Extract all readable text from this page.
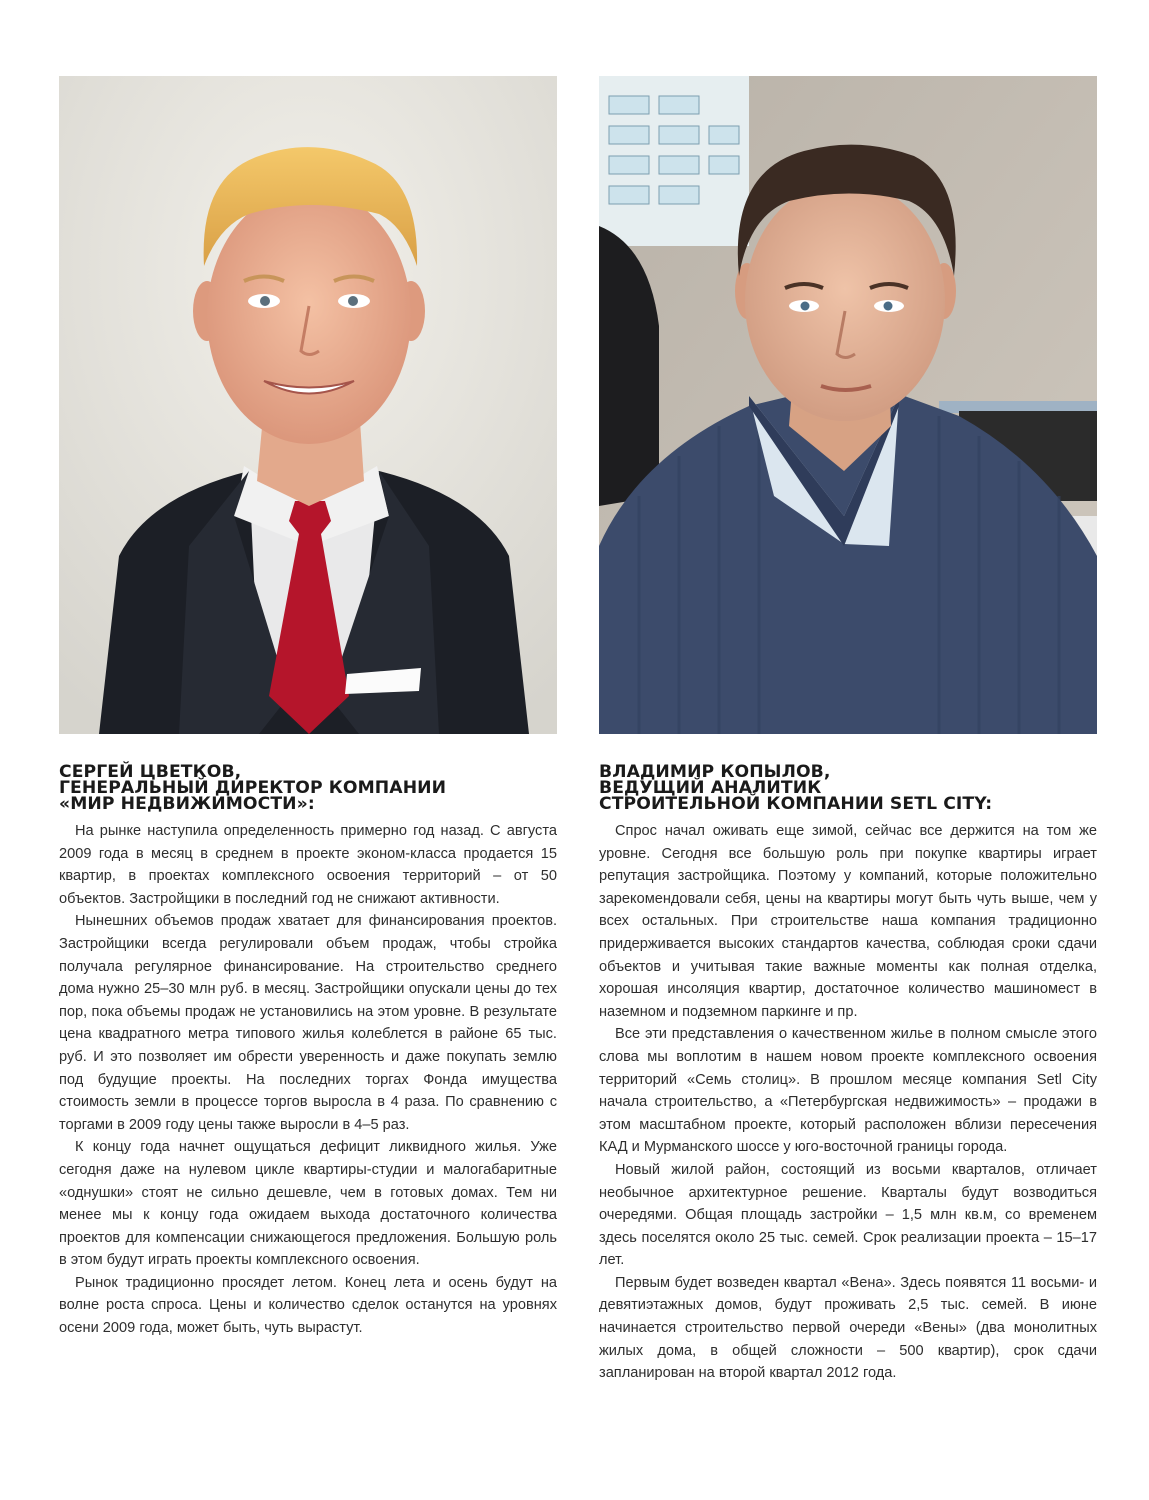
СЕРГЕЙ ЦВЕТКОВ,
ГЕНЕРАЛЬНЫЙ ДИРЕКТОР КОМПАНИИ
«МИР НЕДВИЖИМОСТИ»:

На рынке наступила определенность примерно год назад. С августа 2009 года в месяц в среднем в проекте эконом-класса продается 15 квартир, в проектах комплексного освоения территорий – от 50 объектов. Застройщики в последний год не снижают активности.

Нынешних объемов продаж хватает для финансирования проектов. Застройщики всегда регулировали объем продаж, чтобы стройка получала регулярное финансирование. На строительство среднего дома нужно 25–30 млн руб. в месяц. Застройщики опускали цены до тех пор, пока объемы продаж не установились на этом уровне. В результате цена квадратного метра типового жилья колеблется в районе 65 тыс. руб. И это позволяет им обрести уверенность и даже покупать землю под будущие проекты. На последних торгах Фонда имущества стоимость земли в процессе торгов выросла в 4 раза. По сравнению с торгами в 2009 году цены также выросли в 4–5 раз.

К концу года начнет ощущаться дефицит ликвидного жилья. Уже сегодня даже на нулевом цикле квартиры-студии и малогабаритные «однушки» стоят не сильно дешевле, чем в готовых домах. Тем ни менее мы к концу года ожидаем выхода достаточного количества проектов для компенсации снижающегося предложения. Большую роль в этом будут играть проекты комплексного освоения.

Рынок традиционно просядет летом. Конец лета и осень будут на волне роста спроса. Цены и количество сделок останутся на уровнях осени 2009 года, может быть, чуть вырастут.

ВЛАДИМИР КОПЫЛОВ,
ВЕДУЩИЙ АНАЛИТИК
СТРОИТЕЛЬНОЙ КОМПАНИИ SETL CITY:

Спрос начал оживать еще зимой, сейчас все держится на том же уровне. Сегодня все большую роль при покупке квартиры играет репутация застройщика. Поэтому у компаний, которые положительно зарекомендовали себя, цены на квартиры могут быть чуть выше, чем у всех остальных. При строительстве наша компания традиционно придерживается высоких стандартов качества, соблюдая сроки сдачи объектов и учитывая такие важные моменты как полная отделка, хорошая инсоляция квартир, достаточное количество машиномест в наземном и подземном паркинге и пр.

Все эти представления о качественном жилье в полном смысле этого слова мы воплотим в нашем новом проекте комплексного освоения территорий «Семь столиц». В прошлом месяце компания Setl City начала строительство, а «Петербургская недвижимость» – продажи в этом масштабном проекте, который расположен вблизи пересечения КАД и Мурманского шоссе у юго-восточной границы города.

Новый жилой район, состоящий из восьми кварталов, отличает необычное архитектурное решение. Кварталы будут возводиться очередями. Общая площадь застройки – 1,5 млн кв.м, со временем здесь поселятся около 25 тыс. семей. Срок реализации проекта – 15–17 лет.

Первым будет возведен квартал «Вена». Здесь появятся 11 восьми- и девятиэтажных домов, будут проживать 2,5 тыс. семей. В июне начинается строительство первой очереди «Вены» (два монолитных жилых дома, в общей сложности – 500 квартир), срок сдачи запланирован на второй квартал 2012 года.
